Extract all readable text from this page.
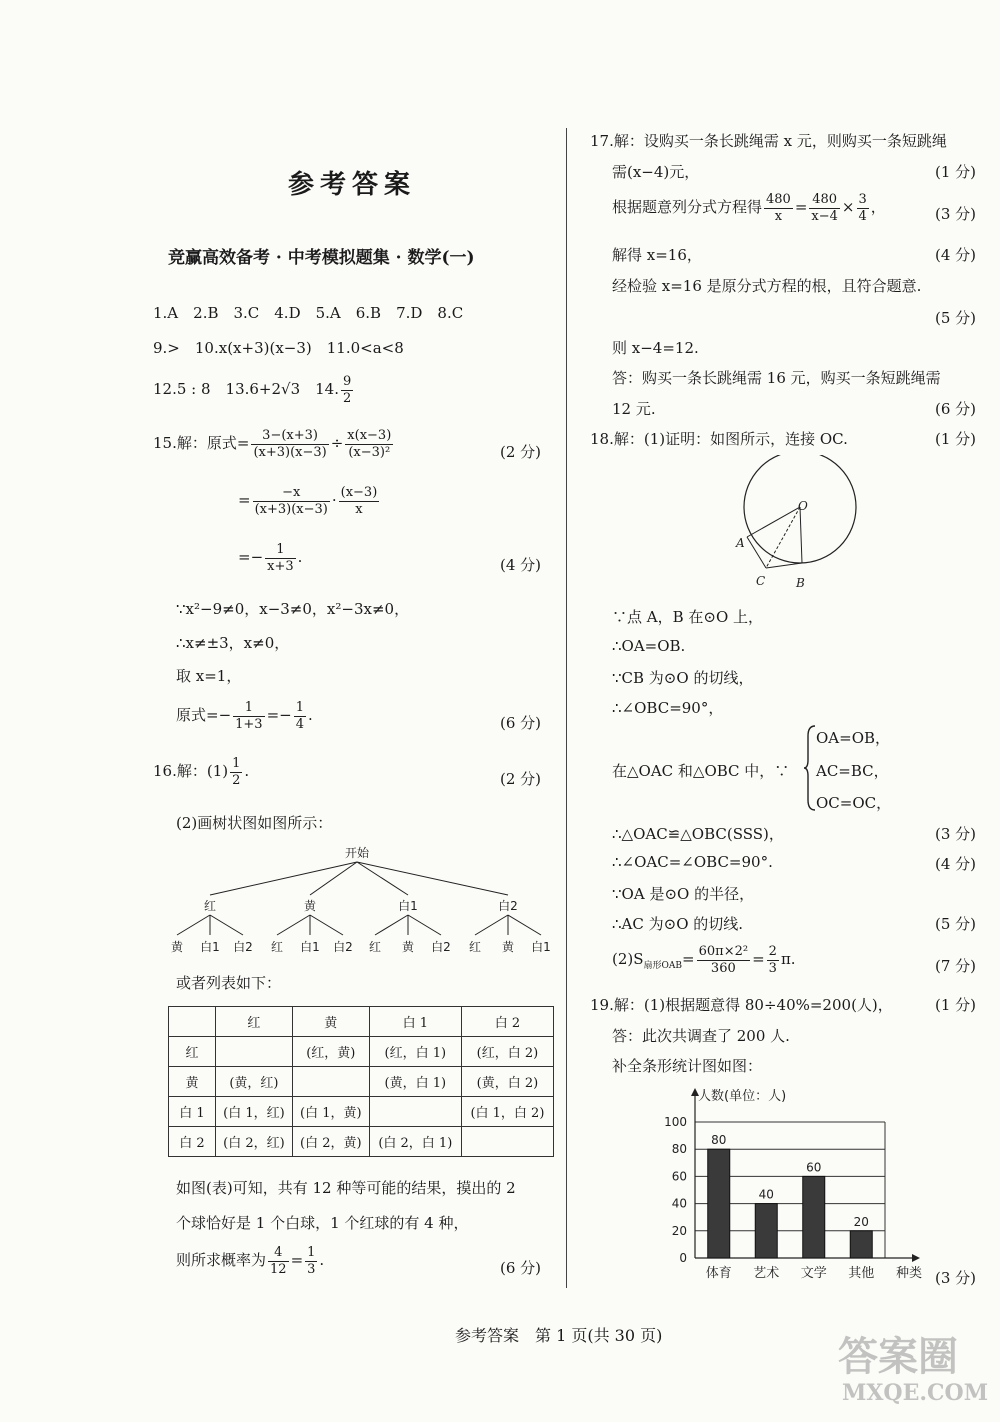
参考答案
竞赢高效备考 · 中考模拟题集 · 数学(一)
1.A　2.B　3.C　4.D　5.A　6.B　7.D　8.C
9.>　10.x(x+3)(x−3)　11.0<a<8
12.5 : 8　13.6+2√3　14. $\frac{9}{2}$
15.解：原式= $\frac{3-(x+3)}{(x+3)(x-3)} \div \frac{x(x-3)}{\text{(x−3)²}}$	(2 分)
= $\frac{-x}{(x+3)(x-3)} \cdot \frac{(x-3)}{x}$
=− $\frac{1}{x+3}$ .	(4 分)
∵x²−9≠0，x−3≠0，x²−3x≠0，
∴x≠±3，x≠0，
取 x=1，
原式=− $\frac{1}{1+3} =- \frac{1}{4}$ .	(6 分)
16.解：$(1) \frac{1}{2}$ .	(2 分)
(2)画树状图如图所示：
开始
红	黄	白1	白2
黄 白1 白2 红 白1 白2 红 黄 白2 红 黄 白1
或者列表如下：
	红	黄	白 1	白 2
红		(红，黄)	(红，白 1)	(红，白 2)
黄	(黄，红)		(黄，白 1)	(黄，白 2)
白 1	(白 1，红)	(白 1，黄)		(白 1，白 2)
白 2	(白 2，红)	(白 2，黄)	(白 2，白 1)	
如图(表)可知，共有 12 种等可能的结果，摸出的 2
个球恰好是 1 个白球，1 个红球的有 4 种，
则所求概率为 $\frac{4}{12} = \frac{1}{3}$ .	(6 分)
17.解：设购买一条长跳绳需 x 元，则购买一条短跳绳
需(x−4)元，	(1 分)
根据题意列分式方程得 $\frac{480}{x} = \frac{480}{x-4} \times \frac{3}{4}$ ，	(3 分)
解得 x=16，	(4 分)
经检验 x=16 是原分式方程的根，且符合题意.
(5 分)
则 x−4=12.
答：购买一条长跳绳需 16 元，购买一条短跳绳需
12 元.	(6 分)
18.解：(1)证明：如图所示，连接 OC.	(1 分)
O
A
C	B
∵点 A，B 在⊙O 上，
∴OA=OB.
∵CB 为⊙O 的切线，
∴∠OBC=90°，
在△OAC 和△OBC 中，∵
OA=OB，
AC=BC，
OC=OC，
∴△OAC≌△OBC(SSS)，	(3 分)
∴∠OAC=∠OBC=90°.	(4 分)
∵OA 是⊙O 的半径，
∴AC 为⊙O 的切线.	(5 分)
$(2)S_{扇形OAB}= \frac{\text{60π×2²}}{360} = \frac{2}{3} \pi$.	(7 分)
19.解：(1)根据题意得 80÷40%=200(人)，	(1 分)
答：此次共调查了 200 人.
补全条形统计图如图：
80
40
60
20
0
20
40
60
80
100
体育 艺术 文学 其他
人数(单位：人)
种类 (3 分)
参考答案　第 1 页(共 30 页)	答案圈
MXQE.COM
